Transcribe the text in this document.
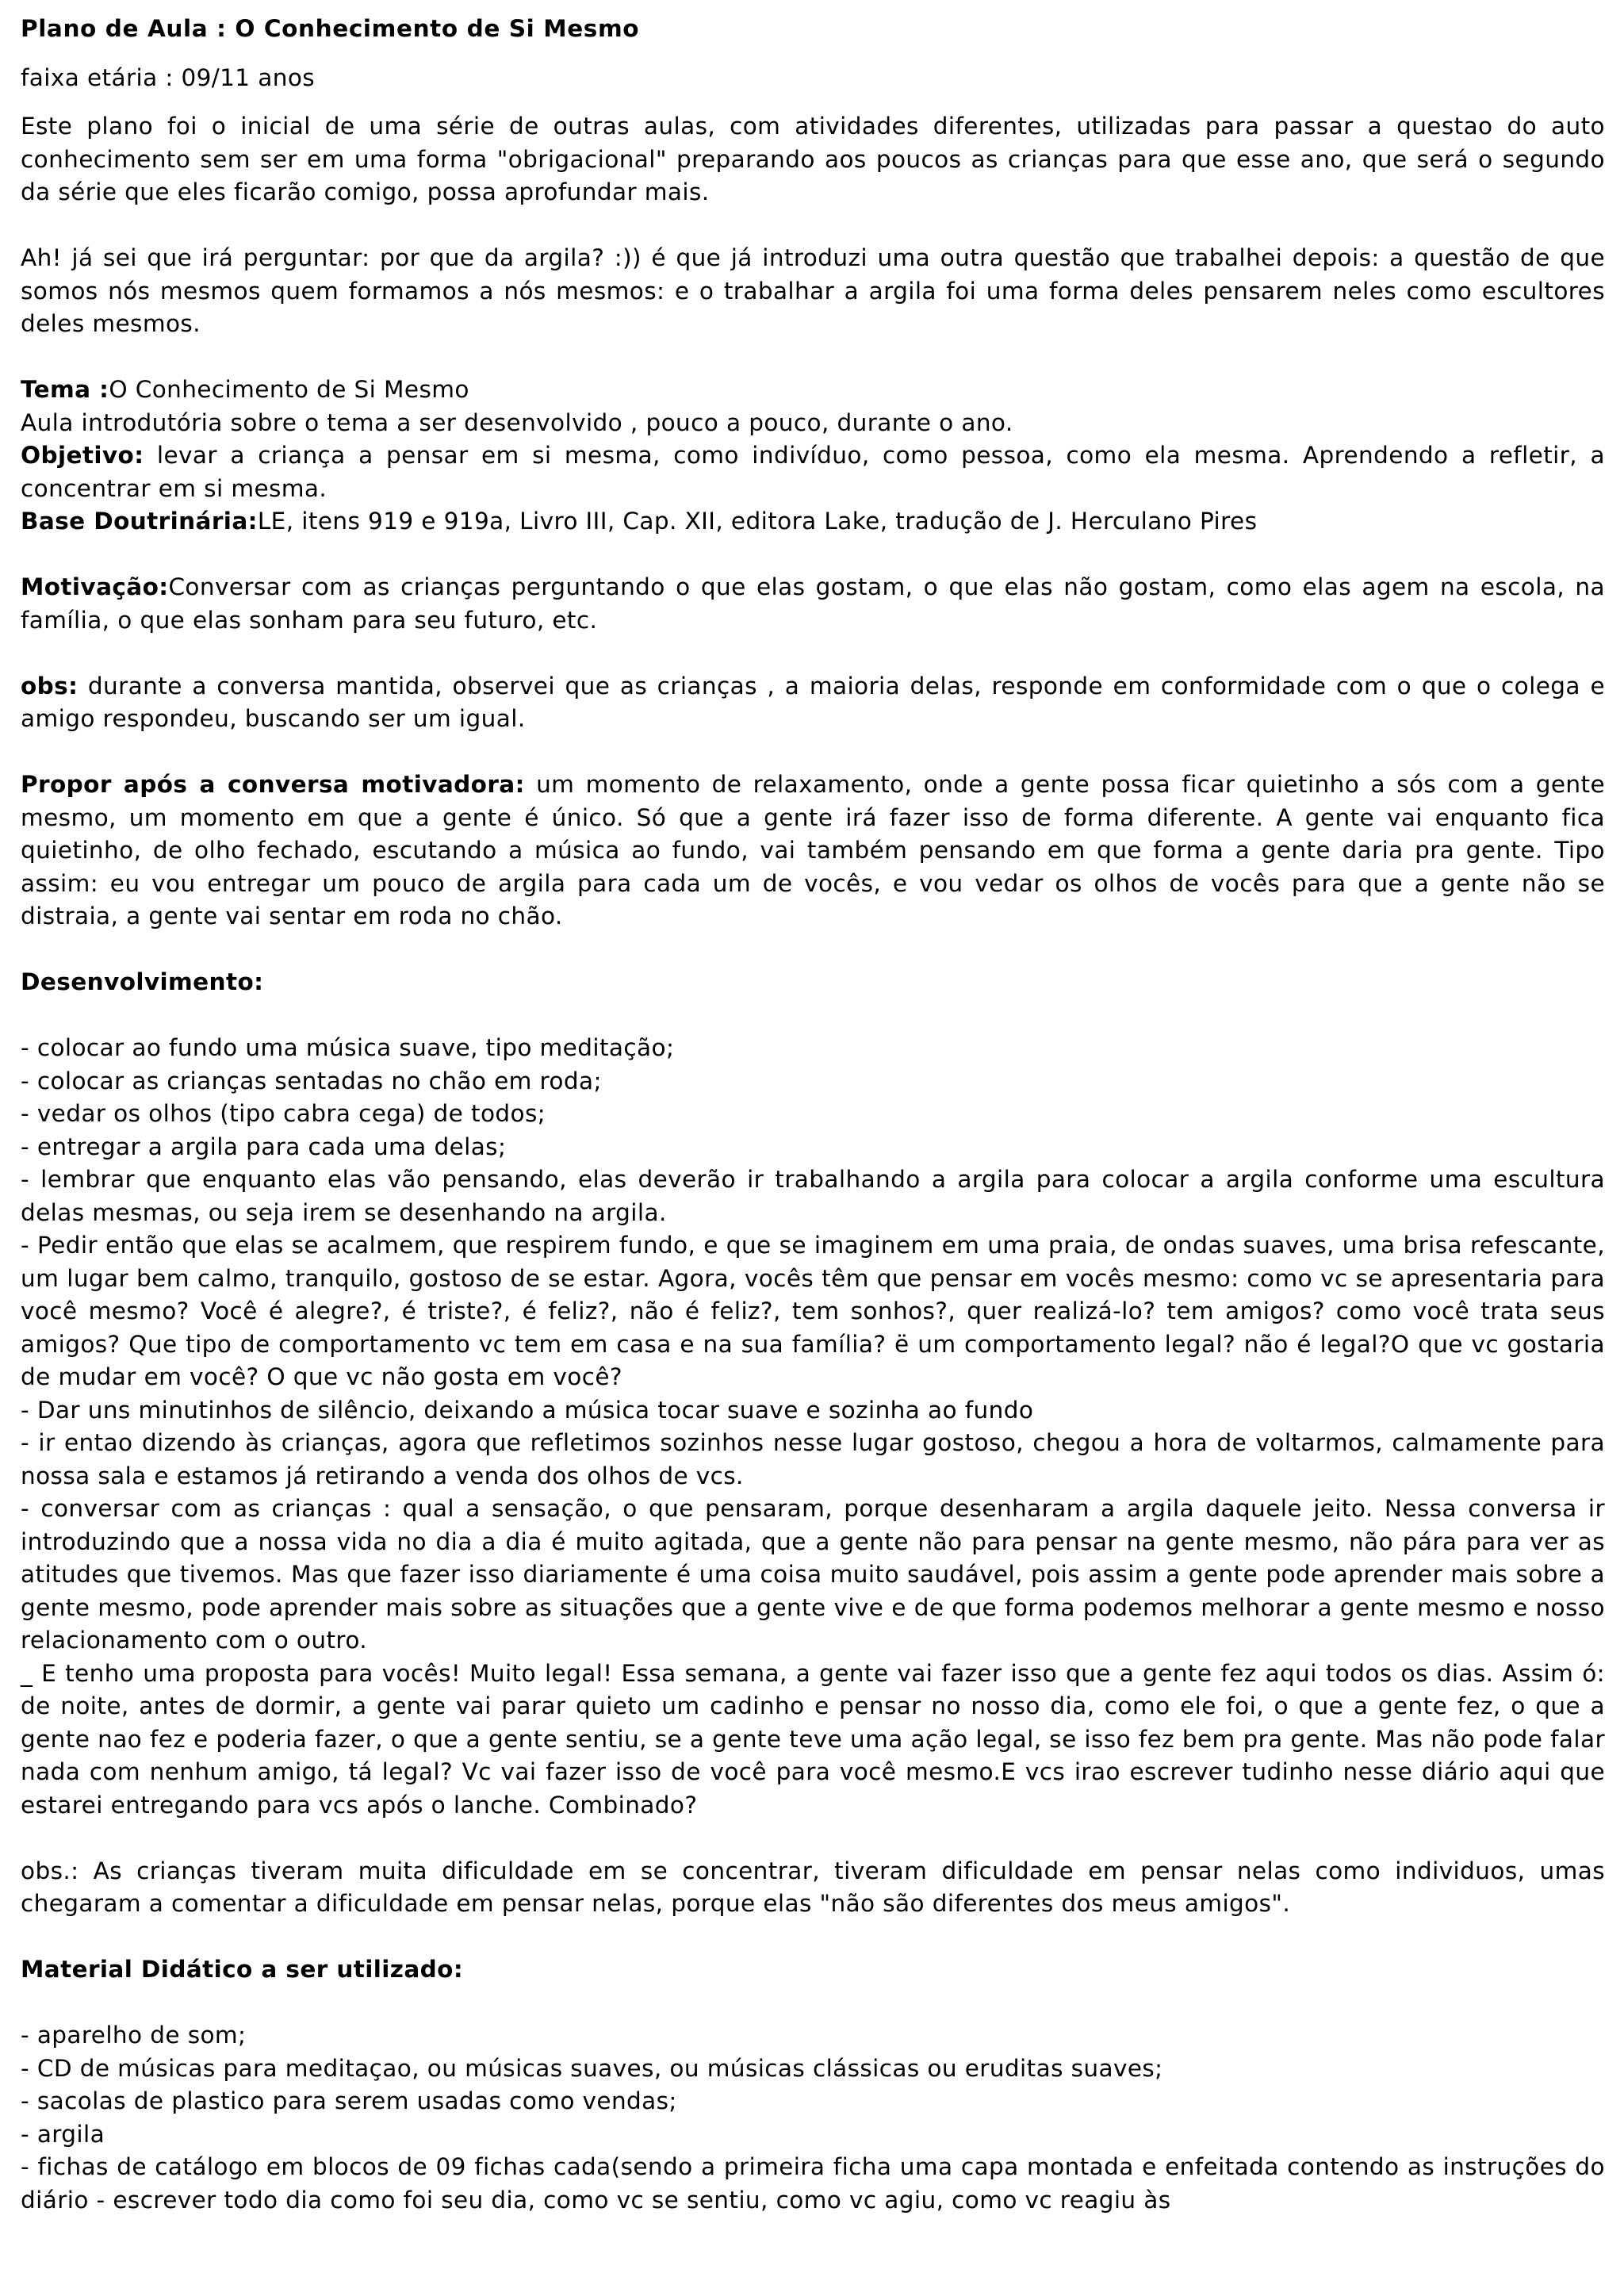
Plano de Aula : O Conhecimento de Si Mesmo

faixa etária : 09/11 anos

Este plano foi o inicial de uma série de outras aulas, com atividades diferentes, utilizadas para passar a questao do auto conhecimento sem ser em uma forma "obrigacional" preparando aos poucos as crianças para que esse ano, que será o segundo da série que eles ficarão comigo, possa aprofundar mais.

Ah! já sei que irá perguntar: por que da argila? :)) é que já introduzi uma outra questão que trabalhei depois: a questão de que somos nós mesmos quem formamos a nós mesmos: e o trabalhar a argila foi uma forma deles pensarem neles como escultores deles mesmos.

Tema :O Conhecimento de Si Mesmo

Aula introdutória sobre o tema a ser desenvolvido , pouco a pouco, durante o ano.

Objetivo: levar a criança a pensar em si mesma, como indivíduo, como pessoa, como ela mesma. Aprendendo a refletir, a concentrar em si mesma.

Base Doutrinária:LE, itens 919 e 919a, Livro III, Cap. XII, editora Lake, tradução de J. Herculano Pires

Motivação:Conversar com as crianças perguntando o que elas gostam, o que elas não gostam, como elas agem na escola, na família, o que elas sonham para seu futuro, etc.

obs: durante a conversa mantida, observei que as crianças , a maioria delas, responde em conformidade com o que o colega e amigo respondeu, buscando ser um igual.

Propor após a conversa motivadora: um momento de relaxamento, onde a gente possa ficar quietinho a sós com a gente mesmo, um momento em que a gente é único. Só que a gente irá fazer isso de forma diferente. A gente vai enquanto fica quietinho, de olho fechado, escutando a música ao fundo, vai também pensando em que forma a gente daria pra gente. Tipo assim: eu vou entregar um pouco de argila para cada um de vocês, e vou vedar os olhos de vocês para que a gente não se distraia, a gente vai sentar em roda no chão.

Desenvolvimento:

- colocar ao fundo uma música suave, tipo meditação;

- colocar as crianças sentadas no chão em roda;

- vedar os olhos (tipo cabra cega) de todos;

- entregar a argila para cada uma delas;

- lembrar que enquanto elas vão pensando, elas deverão ir trabalhando a argila para colocar a argila conforme uma escultura delas mesmas, ou seja irem se desenhando na argila.

- Pedir então que elas se acalmem, que respirem fundo, e que se imaginem em uma praia, de ondas suaves, uma brisa refescante, um lugar bem calmo, tranquilo, gostoso de se estar. Agora, vocês têm que pensar em vocês mesmo: como vc se apresentaria para você mesmo? Você é alegre?, é triste?, é feliz?, não é feliz?, tem sonhos?, quer realizá-lo? tem amigos? como você trata seus amigos? Que tipo de comportamento vc tem em casa e na sua família? ë um comportamento legal? não é legal?O que vc gostaria de mudar em você? O que vc não gosta em você?

- Dar uns minutinhos de silêncio, deixando a música tocar suave e sozinha ao fundo

- ir entao dizendo às crianças, agora que refletimos sozinhos nesse lugar gostoso, chegou a hora de voltarmos, calmamente para nossa sala e estamos já retirando a venda dos olhos de vcs.

- conversar com as crianças : qual a sensação, o que pensaram, porque desenharam a argila daquele jeito. Nessa conversa ir introduzindo que a nossa vida no dia a dia é muito agitada, que a gente não para pensar na gente mesmo, não pára para ver as atitudes que tivemos. Mas que fazer isso diariamente é uma coisa muito saudável, pois assim a gente pode aprender mais sobre a gente mesmo, pode aprender mais sobre as situações que a gente vive e de que forma podemos melhorar a gente mesmo e nosso relacionamento com o outro.

_ E tenho uma proposta para vocês! Muito legal! Essa semana, a gente vai fazer isso que a gente fez aqui todos os dias. Assim ó: de noite, antes de dormir, a gente vai parar quieto um cadinho e pensar no nosso dia, como ele foi, o que a gente fez, o que a gente nao fez e poderia fazer, o que a gente sentiu, se a gente teve uma ação legal, se isso fez bem pra gente. Mas não pode falar nada com nenhum amigo, tá legal? Vc vai fazer isso de você para você mesmo.E vcs irao escrever tudinho nesse diário aqui que estarei entregando para vcs após o lanche. Combinado?

obs.: As crianças tiveram muita dificuldade em se concentrar, tiveram dificuldade em pensar nelas como individuos, umas chegaram a comentar a dificuldade em pensar nelas, porque elas "não são diferentes dos meus amigos".

Material Didático a ser utilizado:

- aparelho de som;

- CD de músicas para meditaçao, ou músicas suaves, ou músicas clássicas ou eruditas suaves;

- sacolas de plastico para serem usadas como vendas;

- argila

- fichas de catálogo em blocos de 09 fichas cada(sendo a primeira ficha uma capa montada e enfeitada contendo as instruções do diário - escrever todo dia como foi seu dia, como vc se sentiu, como vc agiu, como vc reagiu às
